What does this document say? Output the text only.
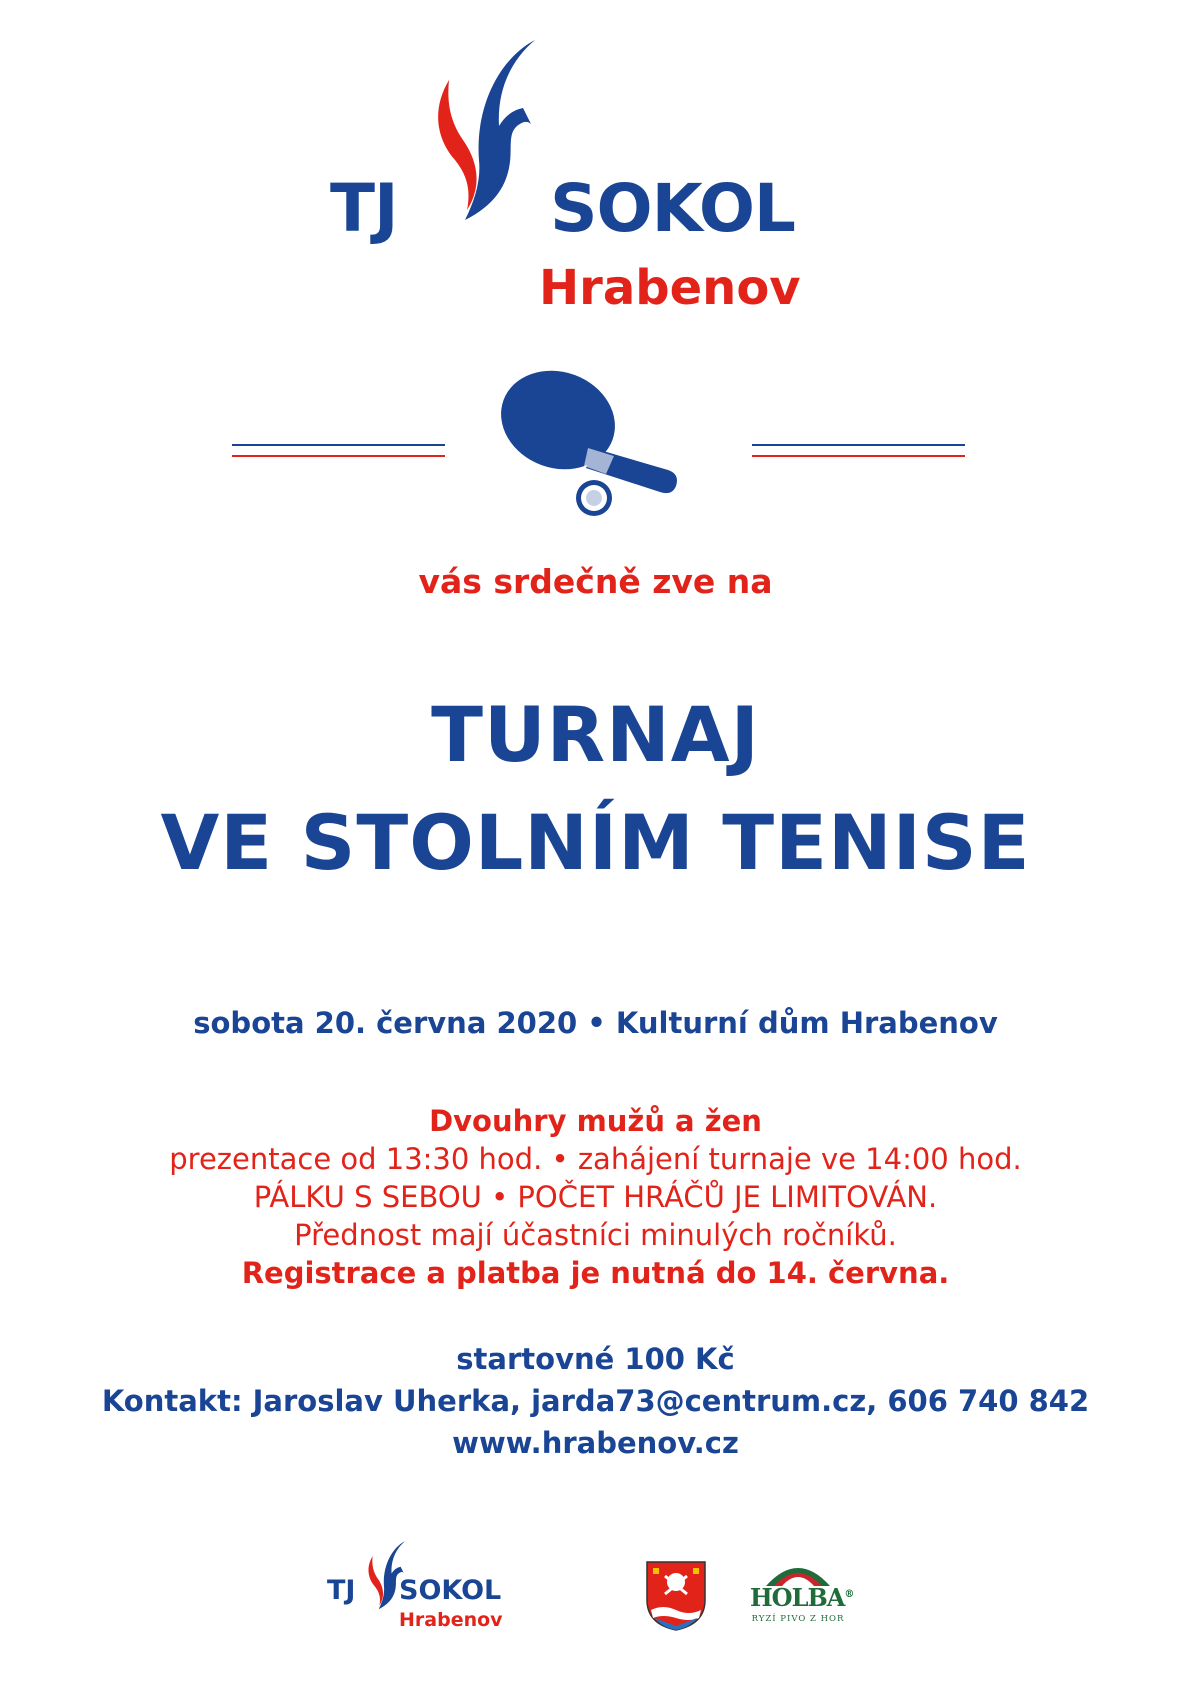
TJ SOKOL
Hrabenov
vás srdečně zve na
TURNAJ
VE STOLNÍM TENISE
sobota 20. června 2020 • Kulturní dům Hrabenov
Dvouhry mužů a žen
prezentace od 13:30 hod. • zahájení turnaje ve 14:00 hod.
PÁLKU S SEBOU • POČET HRÁČŮ JE LIMITOVÁN.
Přednost mají účastníci minulých ročníků.
Registrace a platba je nutná do 14. června.
startovné 100 Kč
Kontakt: Jaroslav Uherka, jarda73@centrum.cz, 606 740 842
www.hrabenov.cz
TJ SOKOL
Hrabenov
HOLBA®
RYZÍ PIVO Z HOR
